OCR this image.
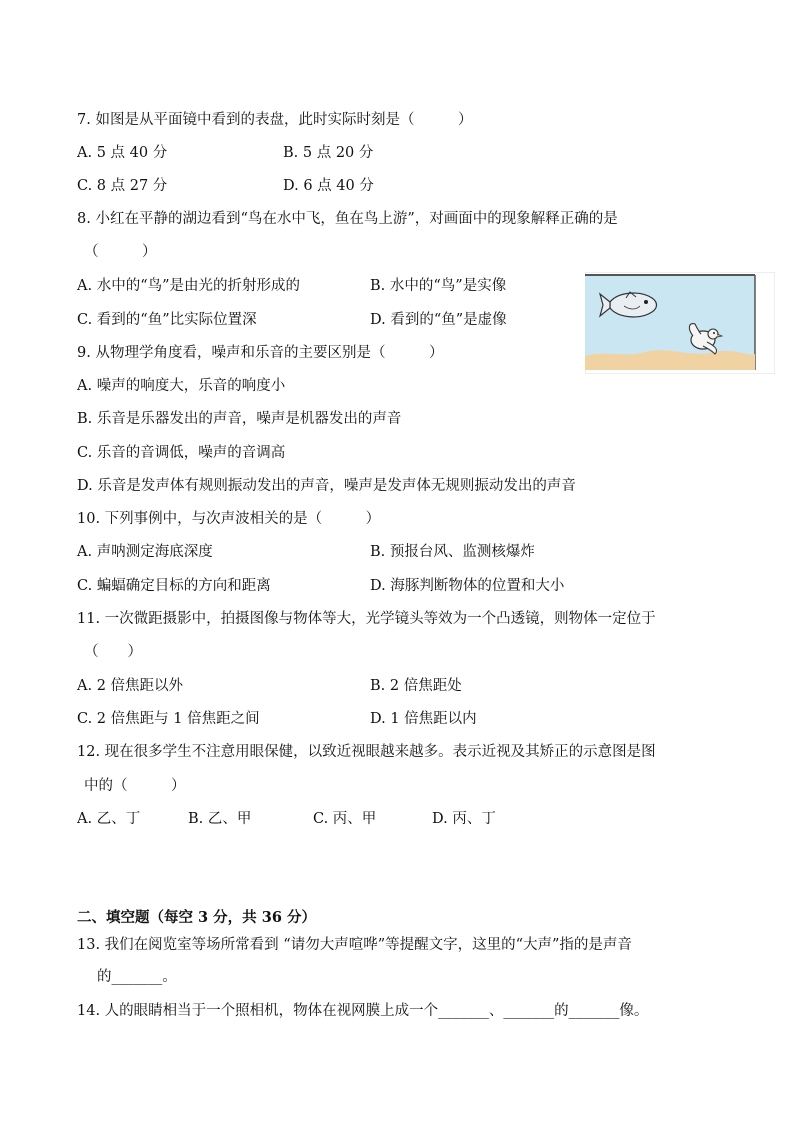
7. 如图是从平面镜中看到的表盘，此时实际时刻是（　　　）
A. 5 点 40 分	B. 5 点 20 分
C. 8 点 27 分	D. 6 点 40 分
8. 小红在平静的湖边看到“鸟在水中飞，鱼在鸟上游”，对画面中的现象解释正确的是
（　　　）
A. 水中的“鸟”是由光的折射形成的	B. 水中的“鸟”是实像
C. 看到的“鱼”比实际位置深	D. 看到的“鱼”是虚像
9. 从物理学角度看，噪声和乐音的主要区别是（　　　）
A. 噪声的响度大，乐音的响度小
B. 乐音是乐器发出的声音，噪声是机器发出的声音
C. 乐音的音调低，噪声的音调高
D. 乐音是发声体有规则振动发出的声音，噪声是发声体无规则振动发出的声音
10. 下列事例中，与次声波相关的是（　　　）
A. 声呐测定海底深度	B. 预报台风、监测核爆炸
C. 蝙蝠确定目标的方向和距离	D. 海豚判断物体的位置和大小
11. 一次微距摄影中，拍摄图像与物体等大，光学镜头等效为一个凸透镜，则物体一定位于
（　　）
A. 2 倍焦距以外	B. 2 倍焦距处
C. 2 倍焦距与 1 倍焦距之间	D. 1 倍焦距以内
12. 现在很多学生不注意用眼保健，以致近视眼越来越多。表示近视及其矫正的示意图是图
中的（　　　）
A. 乙、丁	B. 乙、甲	C. 丙、甲	D. 丙、丁
二、填空题（每空 3 分，共 36 分）
13. 我们在阅览室等场所常看到 “请勿大声喧哗”等提醒文字，这里的“大声”指的是声音
的_______。
14. 人的眼睛相当于一个照相机，物体在视网膜上成一个_______、_______的_______像。
